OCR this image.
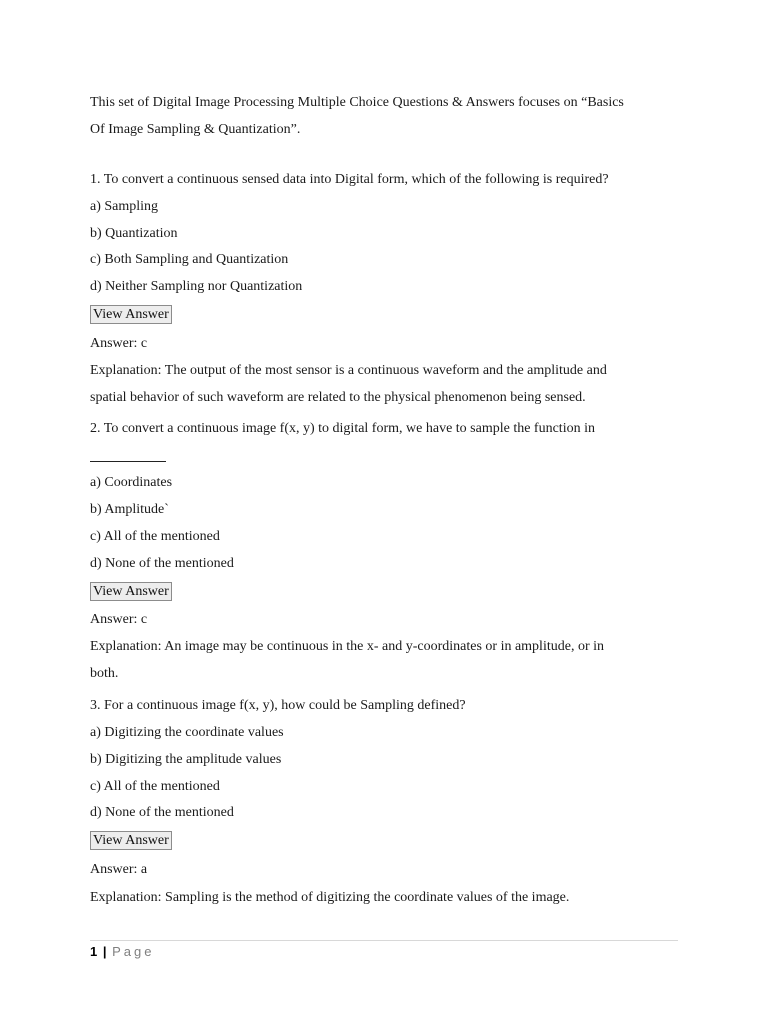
This set of Digital Image Processing Multiple Choice Questions & Answers focuses on “Basics

Of Image Sampling & Quantization”.

1. To convert a continuous sensed data into Digital form, which of the following is required?

a) Sampling

b) Quantization

c) Both Sampling and Quantization

d) Neither Sampling nor Quantization

View Answer

Answer: c

Explanation: The output of the most sensor is a continuous waveform and the amplitude and

spatial behavior of such waveform are related to the physical phenomenon being sensed.

2. To convert a continuous image f(x, y) to digital form, we have to sample the function in

a) Coordinates

b) Amplitude`

c) All of the mentioned

d) None of the mentioned

View Answer

Answer: c

Explanation: An image may be continuous in the x- and y-coordinates or in amplitude, or in

both.

3. For a continuous image f(x, y), how could be Sampling defined?

a) Digitizing the coordinate values

b) Digitizing the amplitude values

c) All of the mentioned

d) None of the mentioned

View Answer

Answer: a

Explanation: Sampling is the method of digitizing the coordinate values of the image.

1 | Page
